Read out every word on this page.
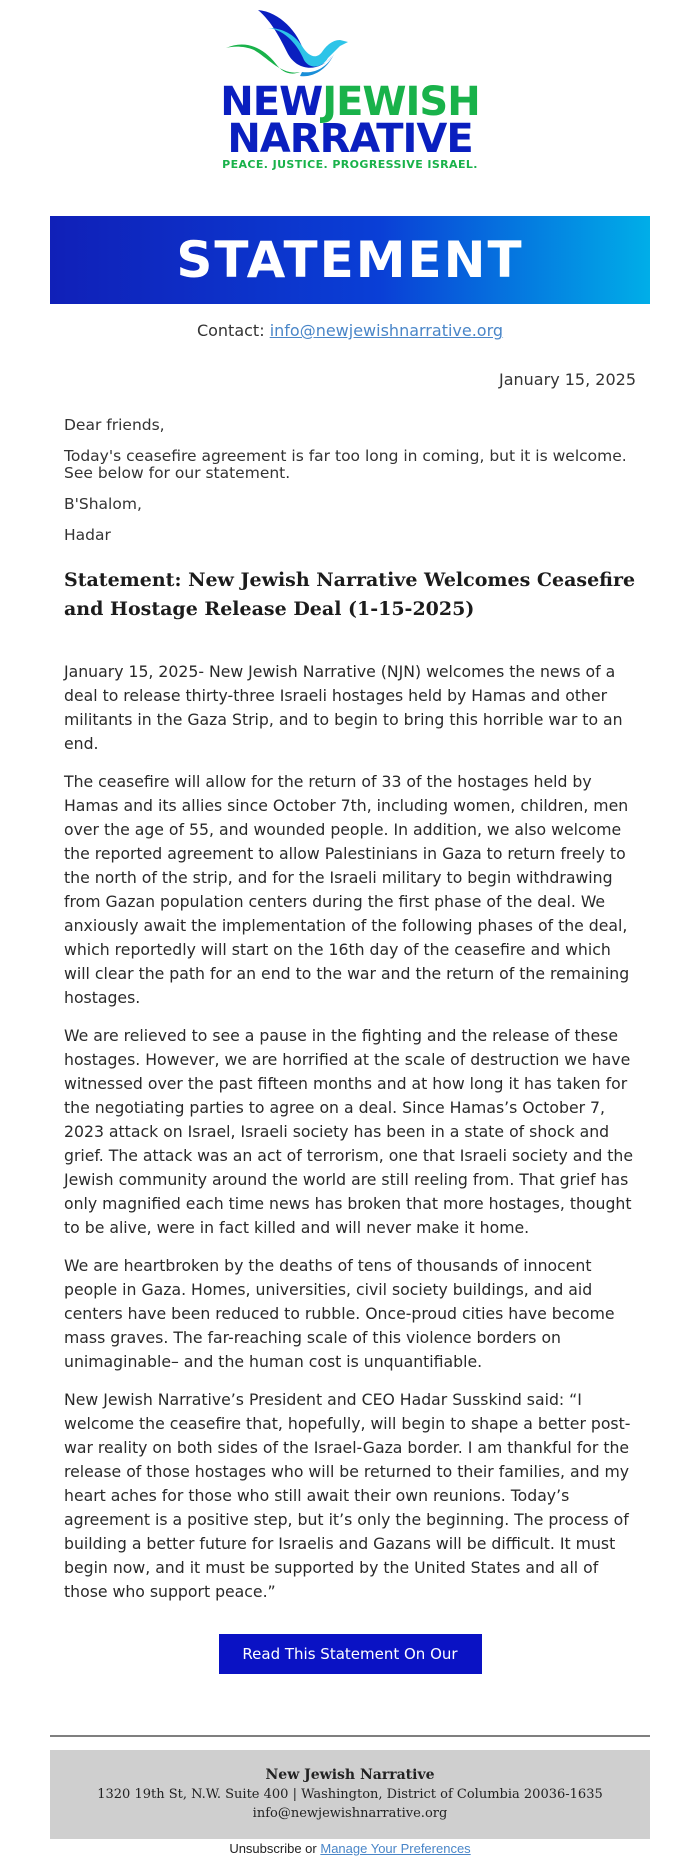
NEWJEWISH
NARRATIVE
PEACE. JUSTICE. PROGRESSIVE ISRAEL.
STATEMENT
Contact: info@newjewishnarrative.org
January 15, 2025

Dear friends,

Today's ceasefire agreement is far too long in coming, but it is welcome. See below for our statement.

B'Shalom,

Hadar

Statement: New Jewish Narrative Welcomes Ceasefire and Hostage Release Deal (1-15-2025)

January 15, 2025- New Jewish Narrative (NJN) welcomes the news of a deal to release thirty-three Israeli hostages held by Hamas and other militants in the Gaza Strip, and to begin to bring this horrible war to an end.

The ceasefire will allow for the return of 33 of the hostages held by Hamas and its allies since October 7th, including women, children, men over the age of 55, and wounded people. In addition, we also welcome the reported agreement to allow Palestinians in Gaza to return freely to the north of the strip, and for the Israeli military to begin withdrawing from Gazan population centers during the first phase of the deal. We anxiously await the implementation of the following phases of the deal, which reportedly will start on the 16th day of the ceasefire and which will clear the path for an end to the war and the return of the remaining hostages.

We are relieved to see a pause in the fighting and the release of these hostages. However, we are horrified at the scale of destruction we have witnessed over the past fifteen months and at how long it has taken for the negotiating parties to agree on a deal. Since Hamas’s October 7, 2023 attack on Israel, Israeli society has been in a state of shock and grief. The attack was an act of terrorism, one that Israeli society and the Jewish community around the world are still reeling from. That grief has only magnified each time news has broken that more hostages, thought to be alive, were in fact killed and will never make it home.

We are heartbroken by the deaths of tens of thousands of innocent people in Gaza. Homes, universities, civil society buildings, and aid centers have been reduced to rubble. Once-proud cities have become mass graves. The far-reaching scale of this violence borders on unimaginable– and the human cost is unquantifiable.

New Jewish Narrative’s President and CEO Hadar Susskind said: “I welcome the ceasefire that, hopefully, will begin to shape a better post-war reality on both sides of the Israel-Gaza border. I am thankful for the release of those hostages who will be returned to their families, and my heart aches for those who still await their own reunions. Today’s agreement is a positive step, but it’s only the beginning. The process of building a better future for Israelis and Gazans will be difficult. It must begin now, and it must be supported by the United States and all of those who support peace.”

Read This Statement On Our Website
New Jewish Narrative
1320 19th St, N.W. Suite 400 | Washington, District of Columbia 20036-1635
info@newjewishnarrative.org
Unsubscribe or Manage Your Preferences
